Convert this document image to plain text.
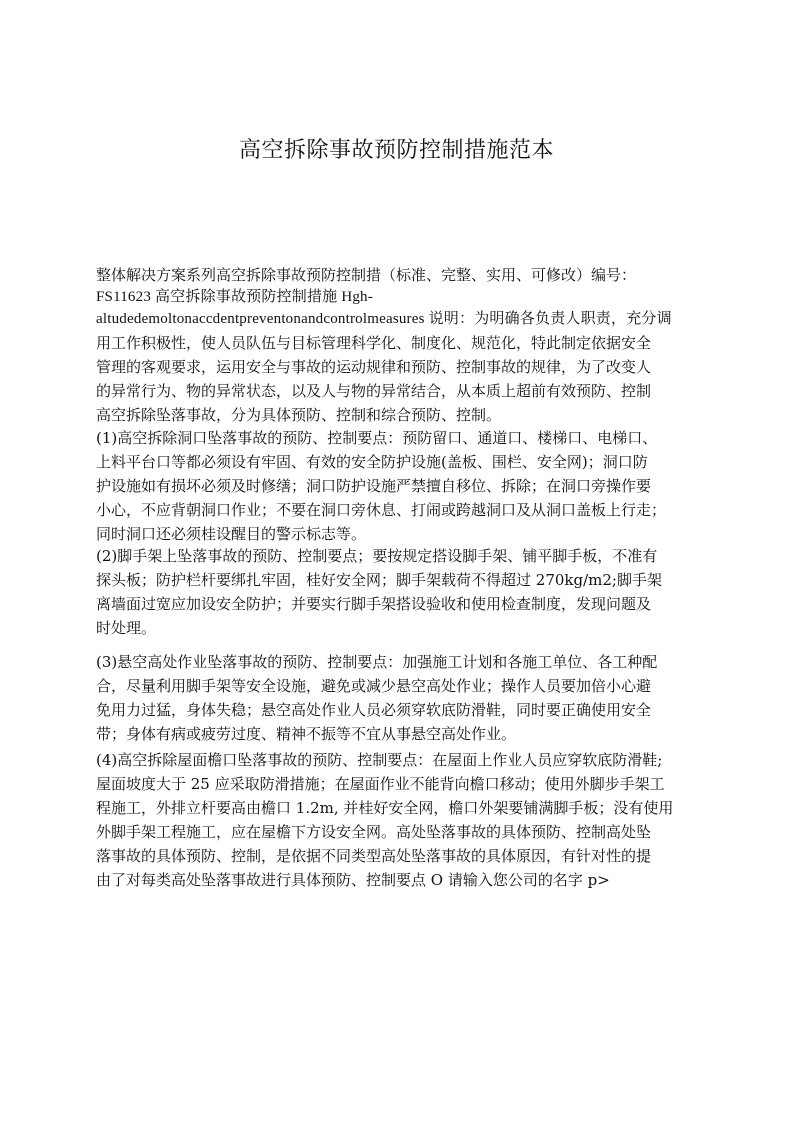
高空拆除事故预防控制措施范本
整体解决方案系列高空拆除事故预防控制措（标准、完整、实用、可修改）编号：
FS11623 高空拆除事故预防控制措施 Hgh-
altudedemoltonaccdentpreventonandcontrolmeasures 说明：为明确各负责人职责，充分调
用工作积极性，使人员队伍与目标管理科学化、制度化、规范化，特此制定依据安全
管理的客观要求，运用安全与事故的运动规律和预防、控制事故的规律，为了改变人
的异常行为、物的异常状态，以及人与物的异常结合，从本质上超前有效预防、控制
高空拆除坠落事故，分为具体预防、控制和综合预防、控制。
(1)高空拆除洞口坠落事故的预防、控制要点：预防留口、通道口、楼梯口、电梯口、
上料平台口等都必须设有牢固、有效的安全防护设施(盖板、围栏、安全网)；洞口防
护设施如有损坏必须及时修缮；洞口防护设施严禁擅自移位、拆除；在洞口旁操作要
小心，不应背朝洞口作业；不要在洞口旁休息、打闹或跨越洞口及从洞口盖板上行走；
同时洞口还必须桂设醒目的警示标志等。
(2)脚手架上坠落事故的预防、控制要点；要按规定搭设脚手架、铺平脚手板，不准有
探头板；防护栏杆要绑扎牢固，桂好安全网；脚手架载荷不得超过 270kg/m2;脚手架
离墙面过宽应加设安全防护；并要实行脚手架搭设验收和使用检查制度，发现问题及
时处理。
(3)悬空高处作业坠落事故的预防、控制要点：加强施工计划和各施工单位、各工种配
合，尽量利用脚手架等安全设施，避免或减少悬空高处作业；操作人员要加倍小心避
免用力过猛，身体失稳；悬空高处作业人员必须穿软底防滑鞋，同时要正确使用安全
带；身体有病或疲劳过度、精神不振等不宜从事悬空高处作业。
(4)高空拆除屋面檐口坠落事故的预防、控制要点：在屋面上作业人员应穿软底防滑鞋;
屋面坡度大于 25 应采取防滑措施；在屋面作业不能背向檐口移动；使用外脚步手架工
程施工，外排立杆要高由檐口 1.2m, 并桂好安全网，檐口外架要铺满脚手板；没有使用
外脚手架工程施工，应在屋檐下方设安全网。高处坠落事故的具体预防、控制高处坠
落事故的具体预防、控制，是依据不同类型高处坠落事故的具体原因，有针对性的提
由了对每类高处坠落事故进行具体预防、控制要点 O 请输入您公司的名字 p>
